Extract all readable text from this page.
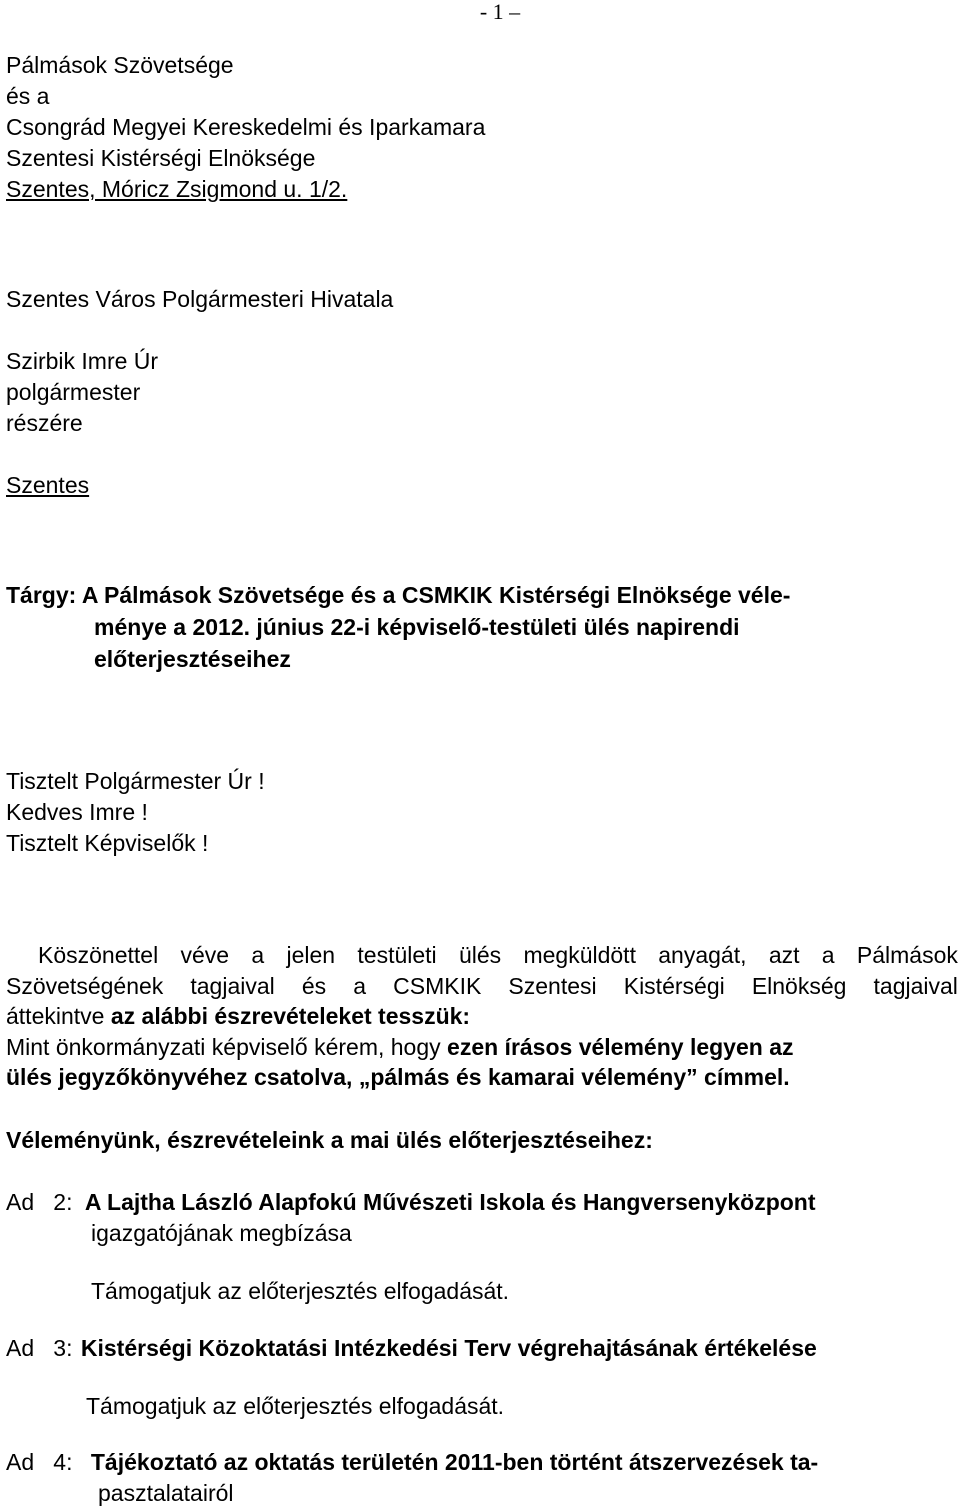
- 1 –
Pálmások Szövetsége
és a
Csongrád Megyei Kereskedelmi és Iparkamara
Szentesi Kistérségi Elnöksége
Szentes, Móricz Zsigmond u. 1/2.
Szentes Város Polgármesteri Hivatala
Szirbik Imre Úr
polgármester
részére
Szentes
Tárgy: A Pálmások Szövetsége és a CSMKIK Kistérségi Elnöksége véle-
ménye a 2012. június 22-i képviselő-testületi ülés napirendi
előterjesztéseihez
Tisztelt Polgármester Úr !
Kedves Imre !
Tisztelt Képviselők !
Köszönettel véve a jelen testületi ülés megküldött anyagát, azt a Pálmások
Szövetségének tagjaival és a CSMKIK Szentesi Kistérségi Elnökség tagjaival
áttekintve az alábbi észrevételeket tesszük:
Mint önkormányzati képviselő kérem, hogy ezen írásos vélemény legyen az
ülés jegyzőkönyvéhez csatolva, „pálmás és kamarai vélemény” címmel.
Véleményünk, észrevételeink a mai ülés előterjesztéseihez:
Ad   2: A Lajtha László Alapfokú Művészeti Iskola és Hangversenyközpont
igazgatójának megbízása
Támogatjuk az előterjesztés elfogadását.
Ad   3: Kistérségi Közoktatási Intézkedési Terv végrehajtásának értékelése
Támogatjuk az előterjesztés elfogadását.
Ad   4: Tájékoztató az oktatás területén 2011-ben történt átszervezések ta-
pasztalatairól
